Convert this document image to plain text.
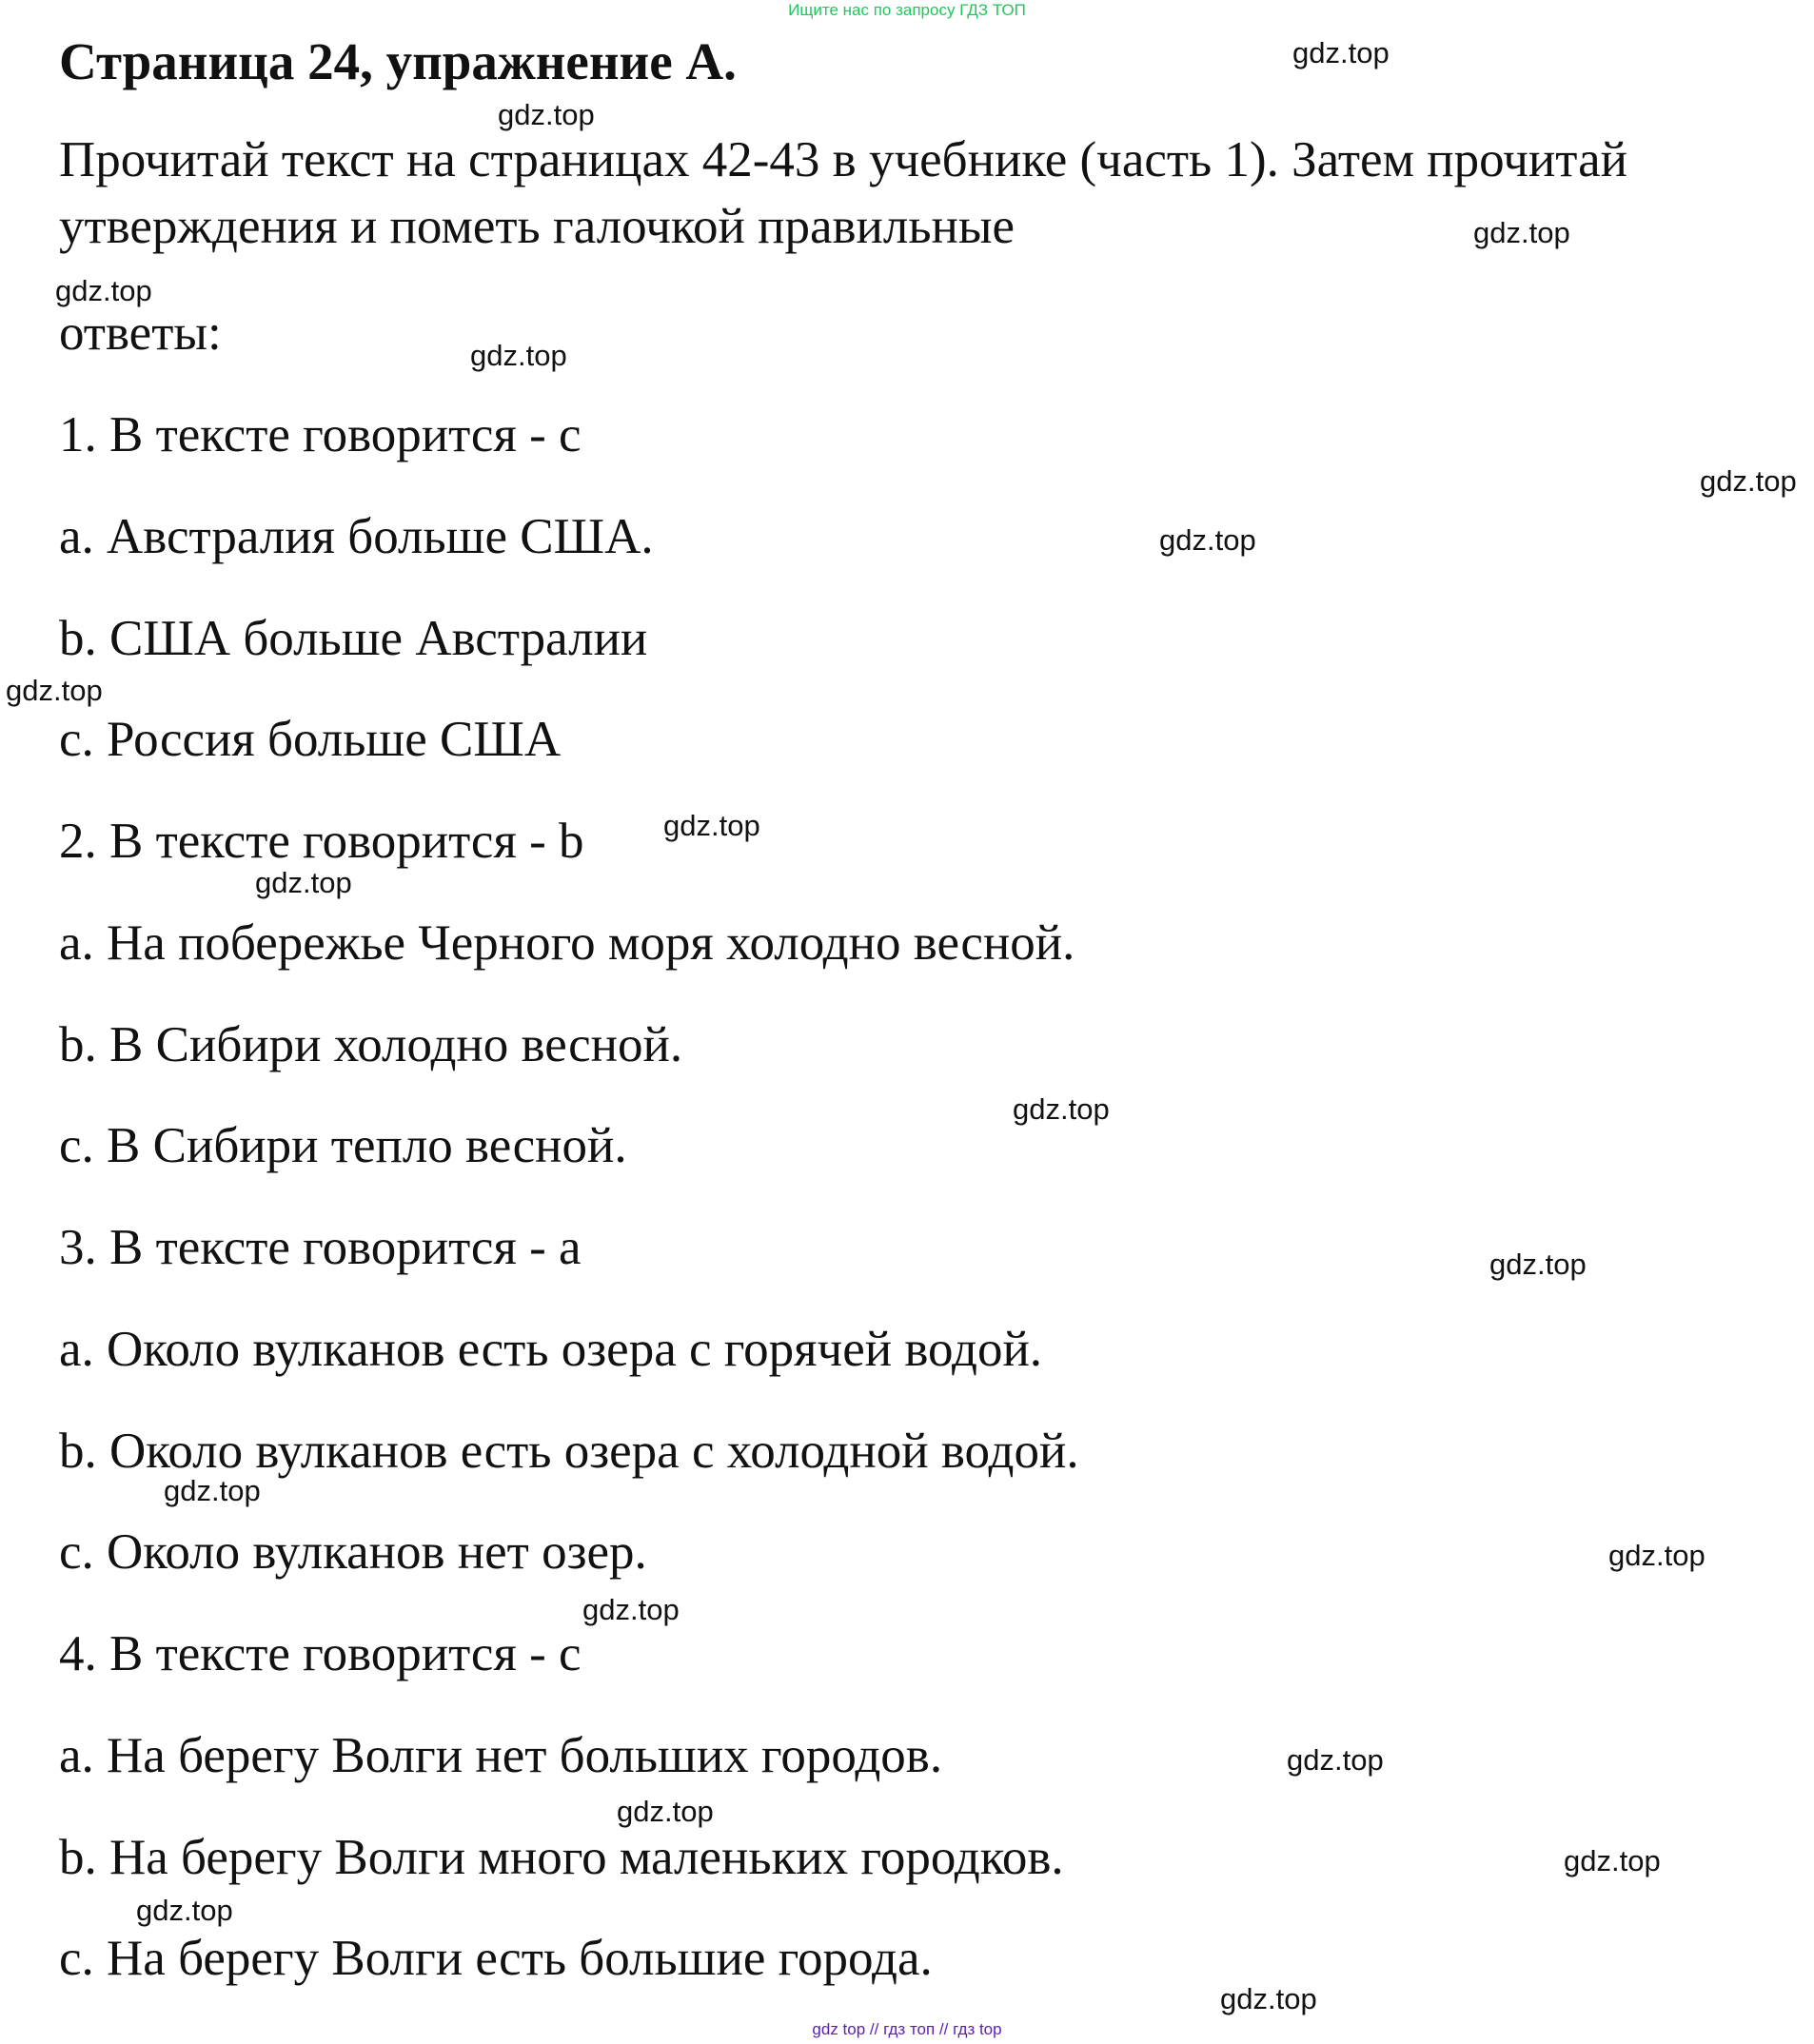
Ищите нас по запросу ГДЗ ТОП
Страница 24, упражнение A.
Прочитай текст на страницах 42-43 в учебнике (часть 1). Затем прочитай
утверждения и пометь галочкой правильные
ответы:
1. В тексте говорится - c
a. Австралия больше США.
b. США больше Австралии
c. Россия больше США
2. В тексте говорится - b
a. На побережье Черного моря холодно весной.
b. В Сибири холодно весной.
c. В Сибири тепло весной.
3. В тексте говорится - a
a. Около вулканов есть озера с горячей водой.
b. Около вулканов есть озера с холодной водой.
c. Около вулканов нет озер.
4. В тексте говорится - c
a. На берегу Волги нет больших городов.
b. На берегу Волги много маленьких городков.
c. На берегу Волги есть большие города.
gdz.top
gdz.top
gdz.top
gdz.top
gdz.top
gdz.top
gdz.top
gdz.top
gdz.top
gdz.top
gdz.top
gdz.top
gdz.top
gdz.top
gdz.top
gdz.top
gdz.top
gdz.top
gdz.top
gdz.top
gdz top // гдз топ // гдз top
